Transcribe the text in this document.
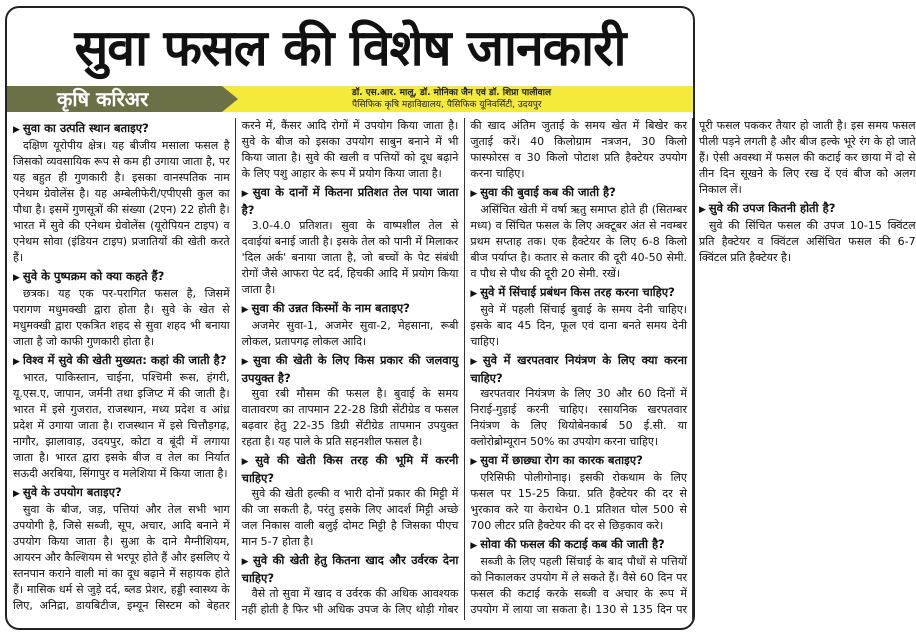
सुवा फसल की विशेष जानकारी
कृषि करिअर	डॉ. एस.आर. मालू, डॉ. मोनिका जैन एवं डॉ. शिप्रा पालीवाल
पैसिफिक कृषि महाविद्यालय, पैसिफिक यूनिवर्सिटी, उदयपुर

▶ सुवा का उत्पति स्थान बताइए?

दक्षिण यूरोपीय क्षेत्र। यह बीजीय मसाला फसल है जिसको व्यवसायिक रूप से कम ही उगाया जाता है, पर यह बहुत ही गुणकारी है। इसका वानस्पतिक नाम एनेथम ग्रेवोलेंस है। यह अम्बेलीफेरी/एपीएसी कुल का पौधा है। इसमें गुणसूत्रों की संख्या (2एन) 22 होती है। भारत में सुवे की एनेथम ग्रेवोलेंस (यूरोपियन टाइप) व एनेथम सोवा (इंडियन टाइप) प्रजातियों की खेती करते हैं।

▶ सुवे के पुष्पक्रम को क्या कहते हैं?

छत्रक। यह एक पर-परागित फसल है, जिसमें परागण मधुमक्खी द्वारा होता है। सुवे के खेत से मधुमक्खी द्वारा एकत्रित शहद से सुवा शहद भी बनाया जाता है जो काफी गुणकारी होता है।

▶ विश्व में सुवे की खेती मुख्यत: कहां की जाती है?

भारत, पाकिस्तान, चाईना, पश्चिमी रूस, हंगरी, यू.एस.ए, जापान, जर्मनी तथा इजिप्ट में की जाती है। भारत में इसे गुजरात, राजस्थान, मध्य प्रदेश व आंध्र प्रदेश में उगाया जाता है। राजस्थान में इसे चित्तौड़गढ़, नागौर, झालावाड़, उदयपुर, कोटा व बूंदी में लगाया जाता है। भारत द्वारा इसके बीज व तेल का निर्यात सऊदी अरबिया, सिंगापुर व मलेशिया में किया जाता है।

▶ सुवे के उपयोग बताइए?

सुवा के बीज, जड़, पत्तियां और तेल सभी भाग उपयोगी है, जिसे सब्जी, सूप, अचार, आदि बनाने में उपयोग किया जाता है। सुआ के दाने मैग्नीशियम, आयरन और कैल्शियम से भरपूर होते हैं और इसलिए ये स्तनपान कराने वाली मां का दूध बढ़ाने में सहायक होते हैं। मासिक धर्म से जुड़े दर्द, ब्लड प्रेशर, हड्डी स्वास्थ्य के लिए, अनिद्रा, डायबिटीज, इम्यून सिस्टम को बेहतर करने में, कैंसर आदि रोगों में उपयोग किया जाता है। सुवे के बीज को इसका उपयोग साबुन बनाने में भी किया जाता है। सुवे की खली व पत्तियों को दूध बढ़ाने के लिए पशु आहार के रूप में प्रयोग किया जाता है।

▶ सुवा के दानों में कितना प्रतिशत तेल पाया जाता है?

3.0-4.0 प्रतिशत। सुवा के वाष्पशील तेल से दवाईयां बनाई जाती है। इसके तेल को पानी में मिलाकर 'दिल अर्क' बनाया जाता है, जो बच्चों के पेट संबंधी रोगों जैसे आफरा पेट दर्द, हिचकी आदि में प्रयोग किया जाता है।

▶ सुवा की उन्नत किस्मों के नाम बताइए?

अजमेर सुवा-1, अजमेर सुवा-2, मेहसाना, रूबी लोकल, प्रतापगढ़ लोकल आदि।

▶ सुवा की खेती के लिए किस प्रकार की जलवायु उपयुक्त है?

सुवा रबी मौसम की फसल है। बुवाई के समय वातावरण का तापमान 22-28 डिग्री सेंटीग्रेड व फसल बढ़वार हेतु 22-35 डिग्री सेंटीग्रेड तापमान उपयुक्त रहता है। यह पाले के प्रति सहनशील फसल है।

▶ सुवे की खेती किस तरह की भूमि में करनी चाहिए?

सुवे की खेती हल्की व भारी दोनों प्रकार की मिट्टी में की जा सकती है, परंतु इसके लिए आदर्श मिट्टी अच्छे जल निकास वाली बलुई दोमट मिट्टी है जिसका पीएच मान 5-7 होता है।

▶ सुवे की खेती हेतु कितना खाद और उर्वरक देना चाहिए?

वैसे तो सुवा में खाद व उर्वरक की अधिक आवश्यक नहीं होती है फिर भी अधिक उपज के लिए थोड़ी गोबर की खाद अंतिम जुताई के समय खेत में बिखेर कर जुताई करें। 40 किलोग्राम नत्रजन, 30 किलो फास्फोरस व 30 किलो पोटाश प्रति हैक्टेयर उपयोग करना चाहिए।

▶ सुवा की बुवाई कब की जाती है?

असिंचित खेती में वर्षा ऋतु समाप्त होते ही (सितम्बर मध्य) व सिंचित फसल के लिए अक्टूबर अंत से नवम्बर प्रथम सप्ताह तक। एक हैक्टेयर के लिए 6-8 किलो बीज पर्याप्त है। कतार से कतार की दूरी 40-50 सेमी. व पौध से पौध की दूरी 20 सेमी. रखें।

▶ सुवे में सिंचाई प्रबंधन किस तरह करना चाहिए?

सुवे में पहली सिंचाई बुवाई के समय देनी चाहिए। इसके बाद 45 दिन, फूल एवं दाना बनते समय देनी चाहिए।

▶ सुवे में खरपतवार नियंत्रण के लिए क्या करना चाहिए?

खरपतवार नियंत्रण के लिए 30 और 60 दिनों में निराई-गुड़ाई करनी चाहिए। रसायनिक खरपतवार नियंत्रण के लिए थियोबेनकार्ब 50 ई.सी. या क्लोरोब्रोम्यूरान 50% का उपयोग करना चाहिए।

▶ सुवा में छाछ्या रोग का कारक बताइए?

एरिसिफी पोलीगोनाइ। इसकी रोकथाम के लिए फसल पर 15-25 किग्रा. प्रति हैक्टेयर की दर से भुरकाव करे या केराथेन 0.1 प्रतिशत घोल 500 से 700 लीटर प्रति हैक्टेयर की दर से छिड़काव करे।

▶ सोवा की फसल की कटाई कब की जाती है?

सब्जी के लिए पहली सिंचाई के बाद पौधों से पत्तियों को निकालकर उपयोग में ले सकते हैं। वैसे 60 दिन पर फसल की कटाई करके सब्जी व अचार के रूप में उपयोग में लाया जा सकता है। 130 से 135 दिन पर पूरी फसल पककर तैयार हो जाती है। इस समय फसल पीली पड़ने लगती है और बीज हल्के भूरे रंग के हो जाते हैं। ऐसी अवस्था में फसल की कटाई कर छाया में दो से तीन दिन सूखने के लिए रख दें एवं बीज को अलग निकाल लें।

▶ सुवे की उपज कितनी होती है?

सुवे की सिंचित फसल की उपज 10-15 क्विंटल प्रति हैक्टेयर व क्विंटल असिंचित फसल की 6-7 क्विंटल प्रति हैक्टेयर है।
